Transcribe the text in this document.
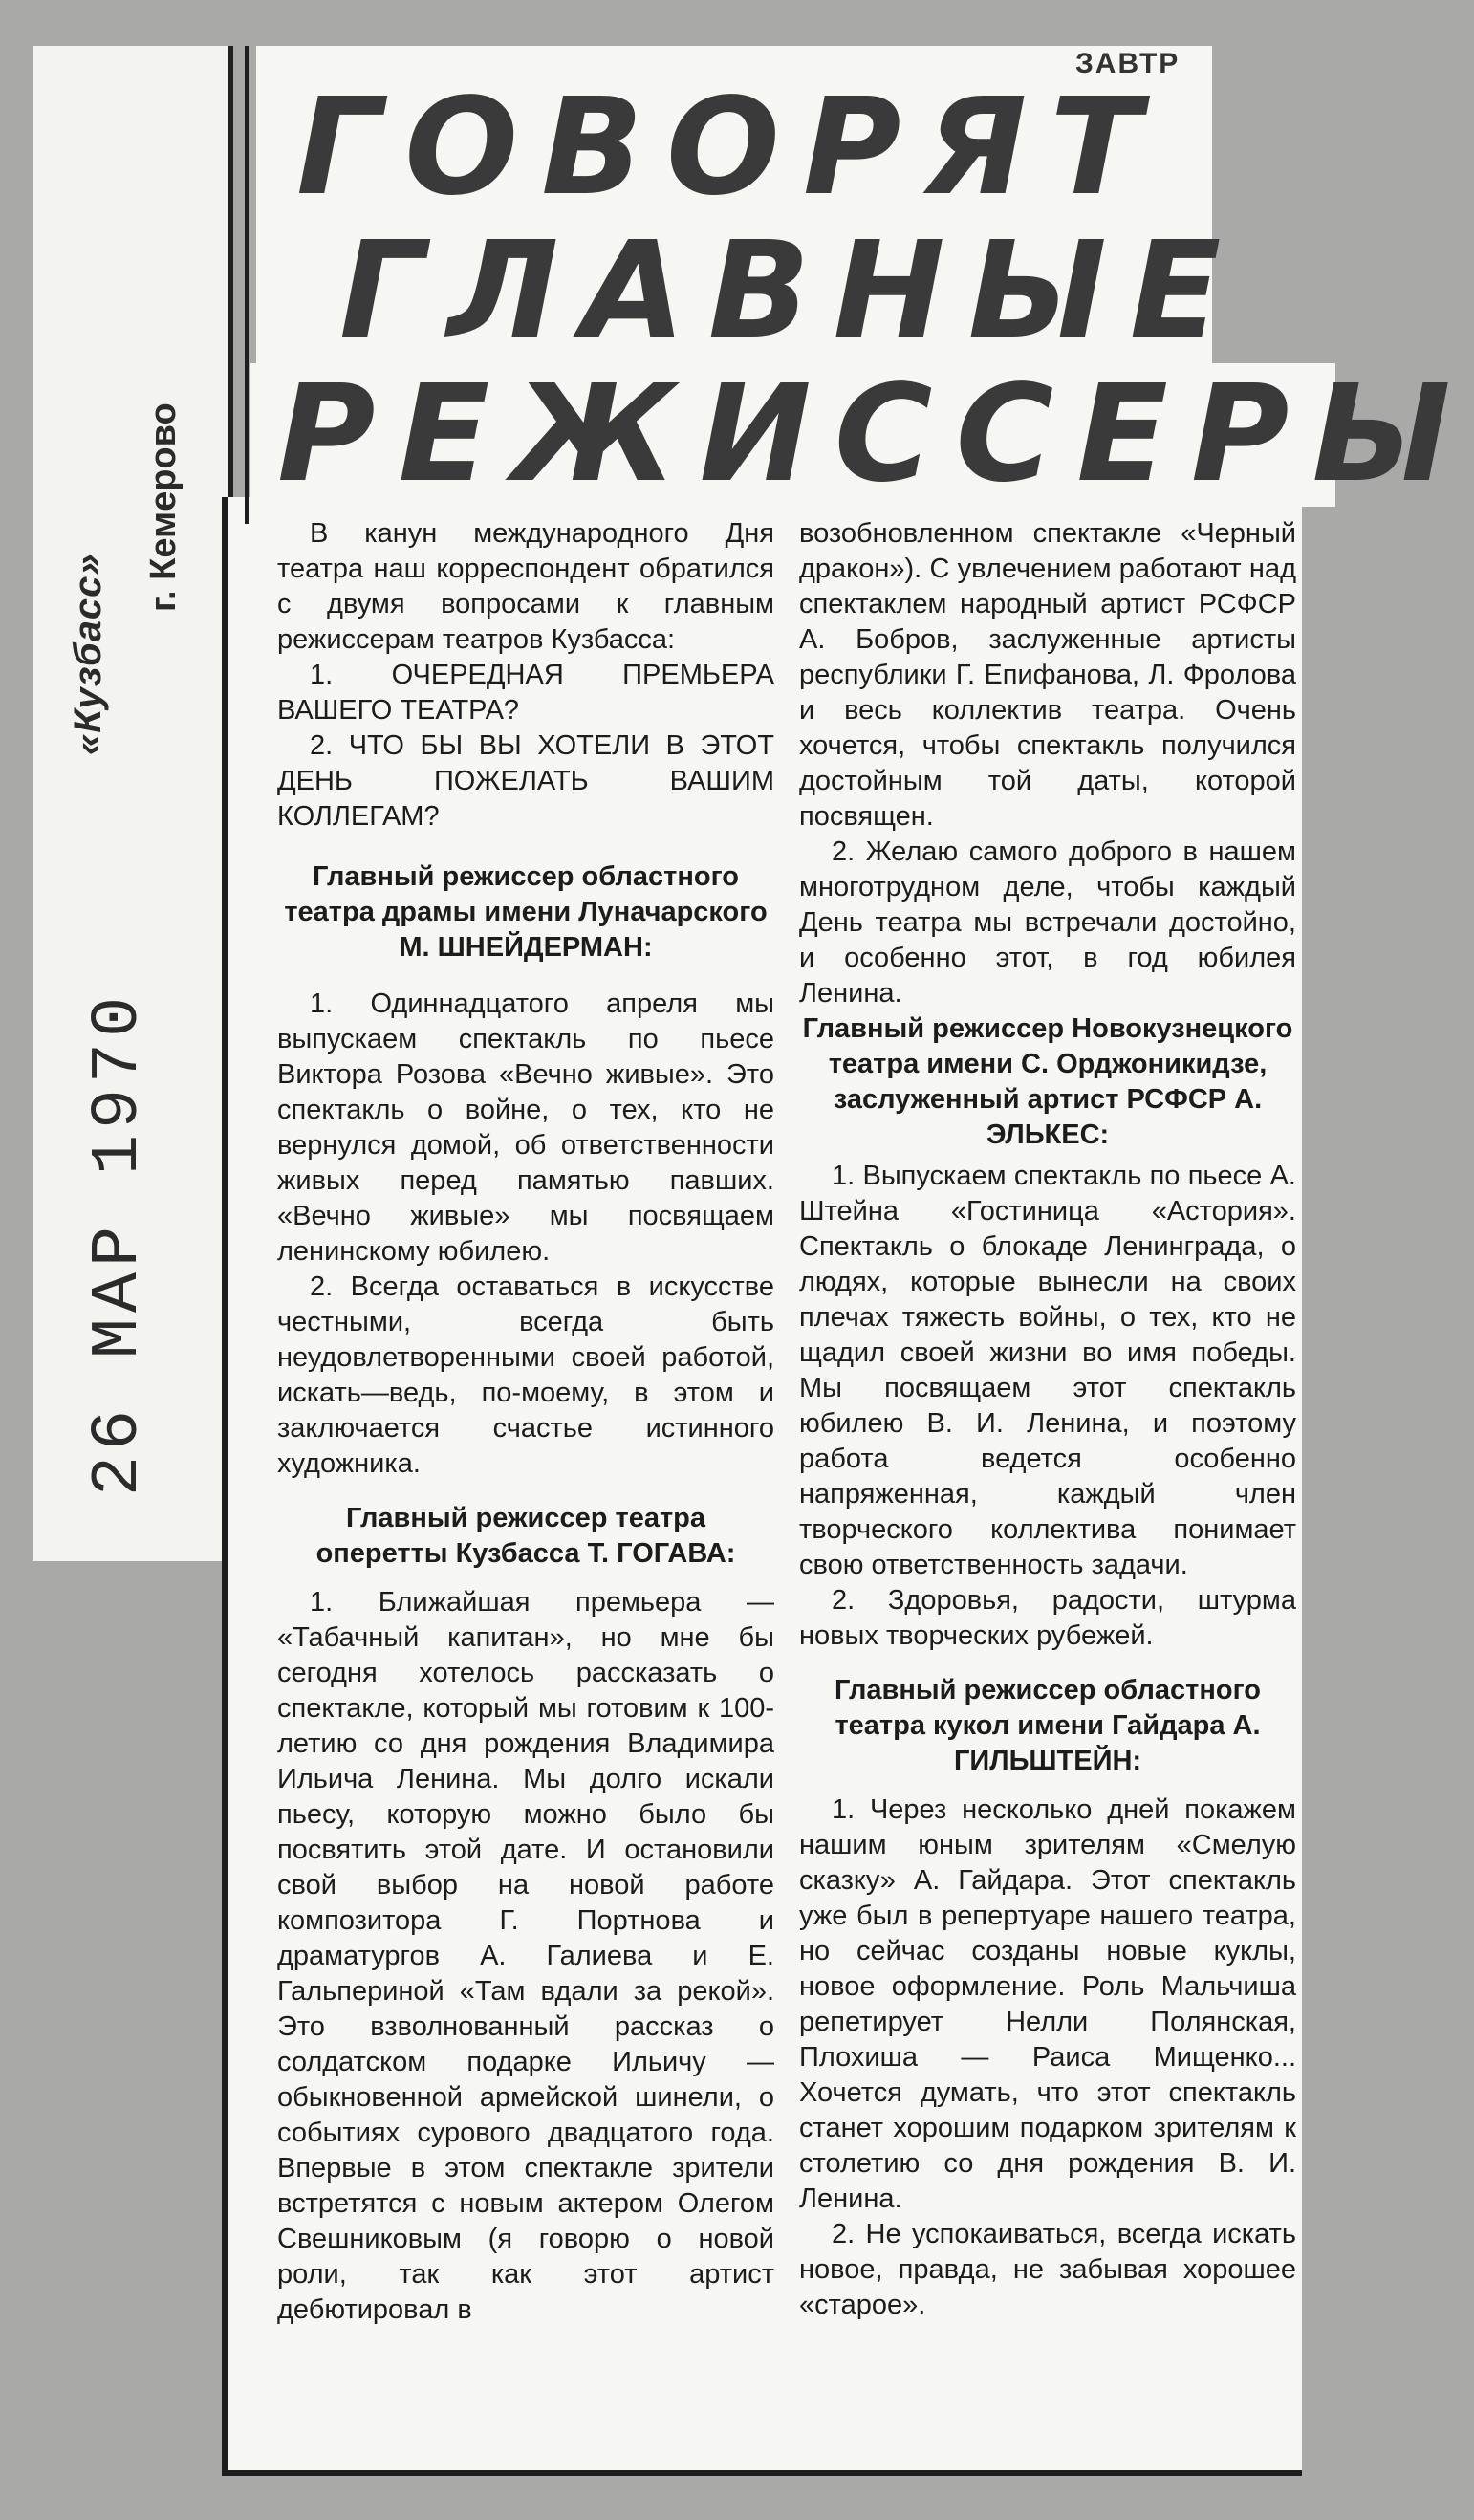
«Кузбасс»
г. Кемерово
26 МАР 1970
ЗАВТР
ГОВОРЯТ
ГЛАВНЫЕ
РЕЖИССЕРЫ

В канун международного Дня театра наш корреспондент обратился с двумя вопросами к главным режиссерам театров Кузбасса:

1. ОЧЕРЕДНАЯ ПРЕМЬЕРА ВАШЕГО ТЕАТРА?

2. ЧТО БЫ ВЫ ХОТЕЛИ В ЭТОТ ДЕНЬ ПОЖЕЛАТЬ ВАШИМ КОЛЛЕГАМ?

Главный режиссер областного театра драмы имени Луначарского М. ШНЕЙДЕРМАН:

1. Одиннадцатого апреля мы выпускаем спектакль по пьесе Виктора Розова «Вечно живые». Это спектакль о войне, о тех, кто не вернулся домой, об ответственности живых перед памятью павших. «Вечно живые» мы посвящаем ленинскому юбилею.

2. Всегда оставаться в искусстве честными, всегда быть неудовлетворенными своей работой, искать—ведь, по-моему, в этом и заключается счастье истинного художника.

Главный режиссер театра оперетты Кузбасса Т. ГОГАВА:

1. Ближайшая премьера — «Табачный капитан», но мне бы сегодня хотелось рассказать о спектакле, который мы готовим к 100-летию со дня рождения Владимира Ильича Ленина. Мы долго искали пьесу, которую можно было бы посвятить этой дате. И остановили свой выбор на новой работе композитора Г. Портнова и драматургов А. Галиева и Е. Гальпериной «Там вдали за рекой». Это взволнованный рассказ о солдатском подарке Ильичу — обыкновенной армейской шинели, о событиях сурового двадцатого года. Впервые в этом спектакле зрители встретятся с новым актером Олегом Свешниковым (я говорю о новой роли, так как этот артист дебютировал в

возобновленном спектакле «Черный дракон»). С увлечением работают над спектаклем народный артист РСФСР А. Бобров, заслуженные артисты республики Г. Епифанова, Л. Фролова и весь коллектив театра. Очень хочется, чтобы спектакль получился достойным той даты, которой посвящен.

2. Желаю самого доброго в нашем многотрудном деле, чтобы каждый День театра мы встречали достойно, и особенно этот, в год юбилея Ленина.

Главный режиссер Новокузнецкого театра имени С. Орджоникидзе, заслуженный артист РСФСР А. ЭЛЬКЕС:

1. Выпускаем спектакль по пьесе А. Штейна «Гостиница «Астория». Спектакль о блокаде Ленинграда, о людях, которые вынесли на своих плечах тяжесть войны, о тех, кто не щадил своей жизни во имя победы. Мы посвящаем этот спектакль юбилею В. И. Ленина, и поэтому работа ведется особенно напряженная, каждый член творческого коллектива понимает свою ответственность задачи.

2. Здоровья, радости, штурма новых творческих рубежей.

Главный режиссер областного театра кукол имени Гайдара А. ГИЛЬШТЕЙН:

1. Через несколько дней покажем нашим юным зрителям «Смелую сказку» А. Гайдара. Этот спектакль уже был в репертуаре нашего театра, но сейчас созданы новые куклы, новое оформление. Роль Мальчиша репетирует Нелли Полянская, Плохиша — Раиса Мищенко... Хочется думать, что этот спектакль станет хорошим подарком зрителям к столетию со дня рождения В. И. Ленина.

2. Не успокаиваться, всегда искать новое, правда, не забывая хорошее «старое».
